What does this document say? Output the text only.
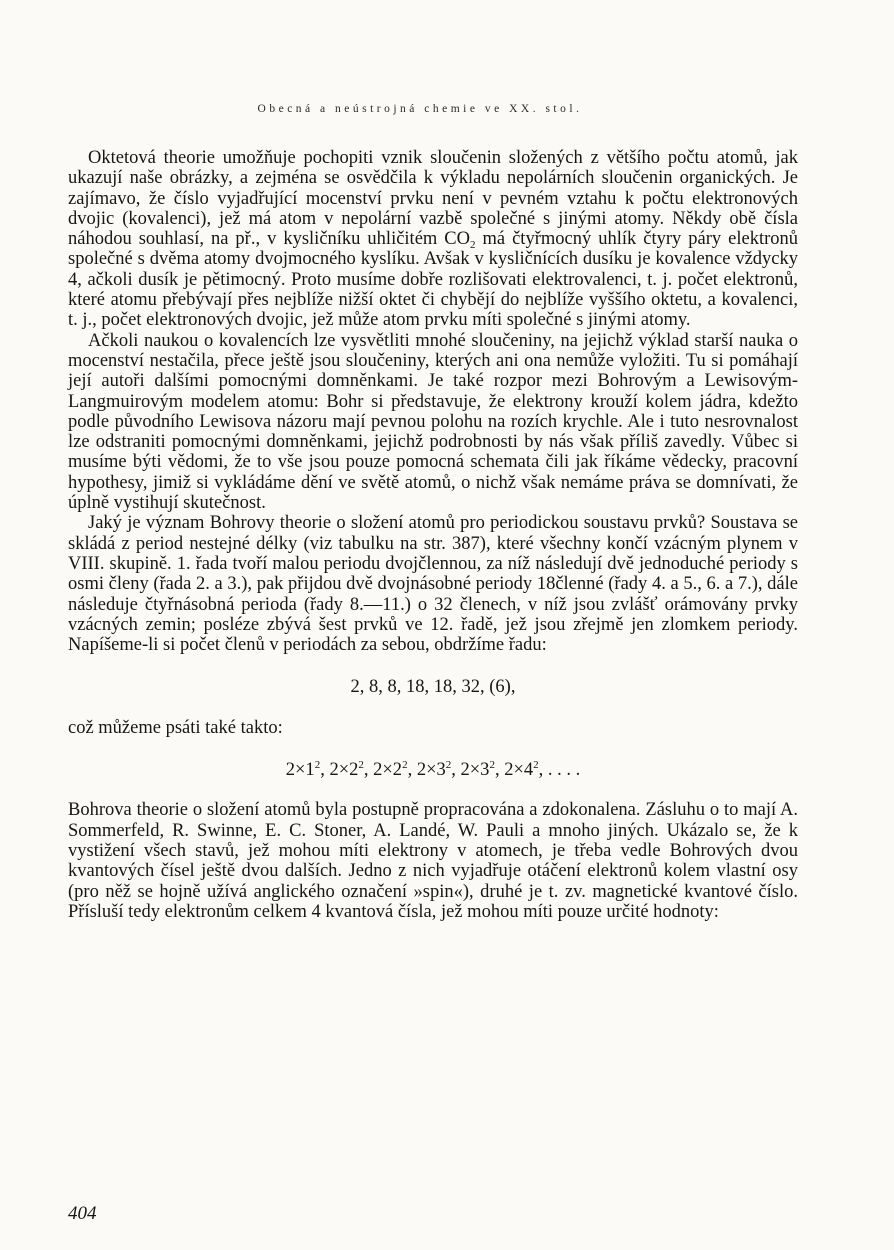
Obecná a neústrojná chemie ve XX. stol.

Oktetová theorie umožňuje pochopiti vznik sloučenin složených z většího počtu atomů, jak ukazují naše obrázky, a zejména se osvědčila k výkladu nepolárních sloučenin organických. Je zajímavo, že číslo vyjadřující mocenství prvku není v pevném vztahu k počtu elektronových dvojic (kovalenci), jež má atom v nepolární vazbě společné s jinými atomy. Někdy obě čísla náhodou souhlasí, na př., v kysličníku uhličitém $CO_2$ má čtyřmocný uhlík čtyry páry elektronů společné s dvěma atomy dvojmocného kyslíku. Avšak v kysličnících dusíku je kovalence vždycky 4, ačkoli dusík je pětimocný. Proto musíme dobře rozlišovati elektrovalenci, t. j. počet elektronů, které atomu přebývají přes nejblíže nižší oktet či chybějí do nejblíže vyššího oktetu, a kovalenci, t. j., počet elektronových dvojic, jež může atom prvku míti společné s jinými atomy.

Ačkoli naukou o kovalencích lze vysvětliti mnohé sloučeniny, na jejichž výklad starší nauka o mocenství nestačila, přece ještě jsou sloučeniny, kterých ani ona nemůže vyložiti. Tu si pomáhají její autoři dalšími pomocnými domněnkami. Je také rozpor mezi Bohrovým a Lewisovým-Langmuirovým modelem atomu: Bohr si představuje, že elektrony krouží kolem jádra, kdežto podle původního Lewisova názoru mají pevnou polohu na rozích krychle. Ale i tuto nesrovnalost lze odstraniti pomocnými domněnkami, jejichž podrobnosti by nás však příliš zavedly. Vůbec si musíme býti vědomi, že to vše jsou pouze pomocná schemata čili jak říkáme vědecky, pracovní hypothesy, jimiž si vykládáme dění ve světě atomů, o nichž však nemáme práva se domnívati, že úplně vystihují skutečnost.

Jaký je význam Bohrovy theorie o složení atomů pro periodickou soustavu prvků? Soustava se skládá z period nestejné délky (viz tabulku na str. 387), které všechny končí vzácným plynem v VIII. skupině. 1. řada tvoří malou periodu dvojčlennou, za níž následují dvě jednoduché periody s osmi členy (řada 2. a 3.), pak přijdou dvě dvojnásobné periody 18členné (řady 4. a 5., 6. a 7.), dále následuje čtyřnásobná perioda (řady 8.—11.) o 32 členech, v níž jsou zvlášť orámovány prvky vzácných zemin; posléze zbývá šest prvků ve 12. řadě, jež jsou zřejmě jen zlomkem periody. Napíšeme-li si počet členů v periodách za sebou, obdržíme řadu:

2, 8, 8, 18, 18, 32, (6),

což můžeme psáti také takto:

$2\times 1^2$, $2\times 2^2$, $2\times 2^2$, $2\times 3^2$, $2\times 3^2$, $2\times 4^2$, . . . .

Bohrova theorie o složení atomů byla postupně propracována a zdokonalena. Zásluhu o to mají A. Sommerfeld, R. Swinne, E. C. Stoner, A. Landé, W. Pauli a mnoho jiných. Ukázalo se, že k vystižení všech stavů, jež mohou míti elektrony v atomech, je třeba vedle Bohrových dvou kvantových čísel ještě dvou dalších. Jedno z nich vyjadřuje otáčení elektronů kolem vlastní osy (pro něž se hojně užívá anglického označení »spin«), druhé je t. zv. magnetické kvantové číslo. Přísluší tedy elektronům celkem 4 kvantová čísla, jež mohou míti pouze určité hodnoty:

404
